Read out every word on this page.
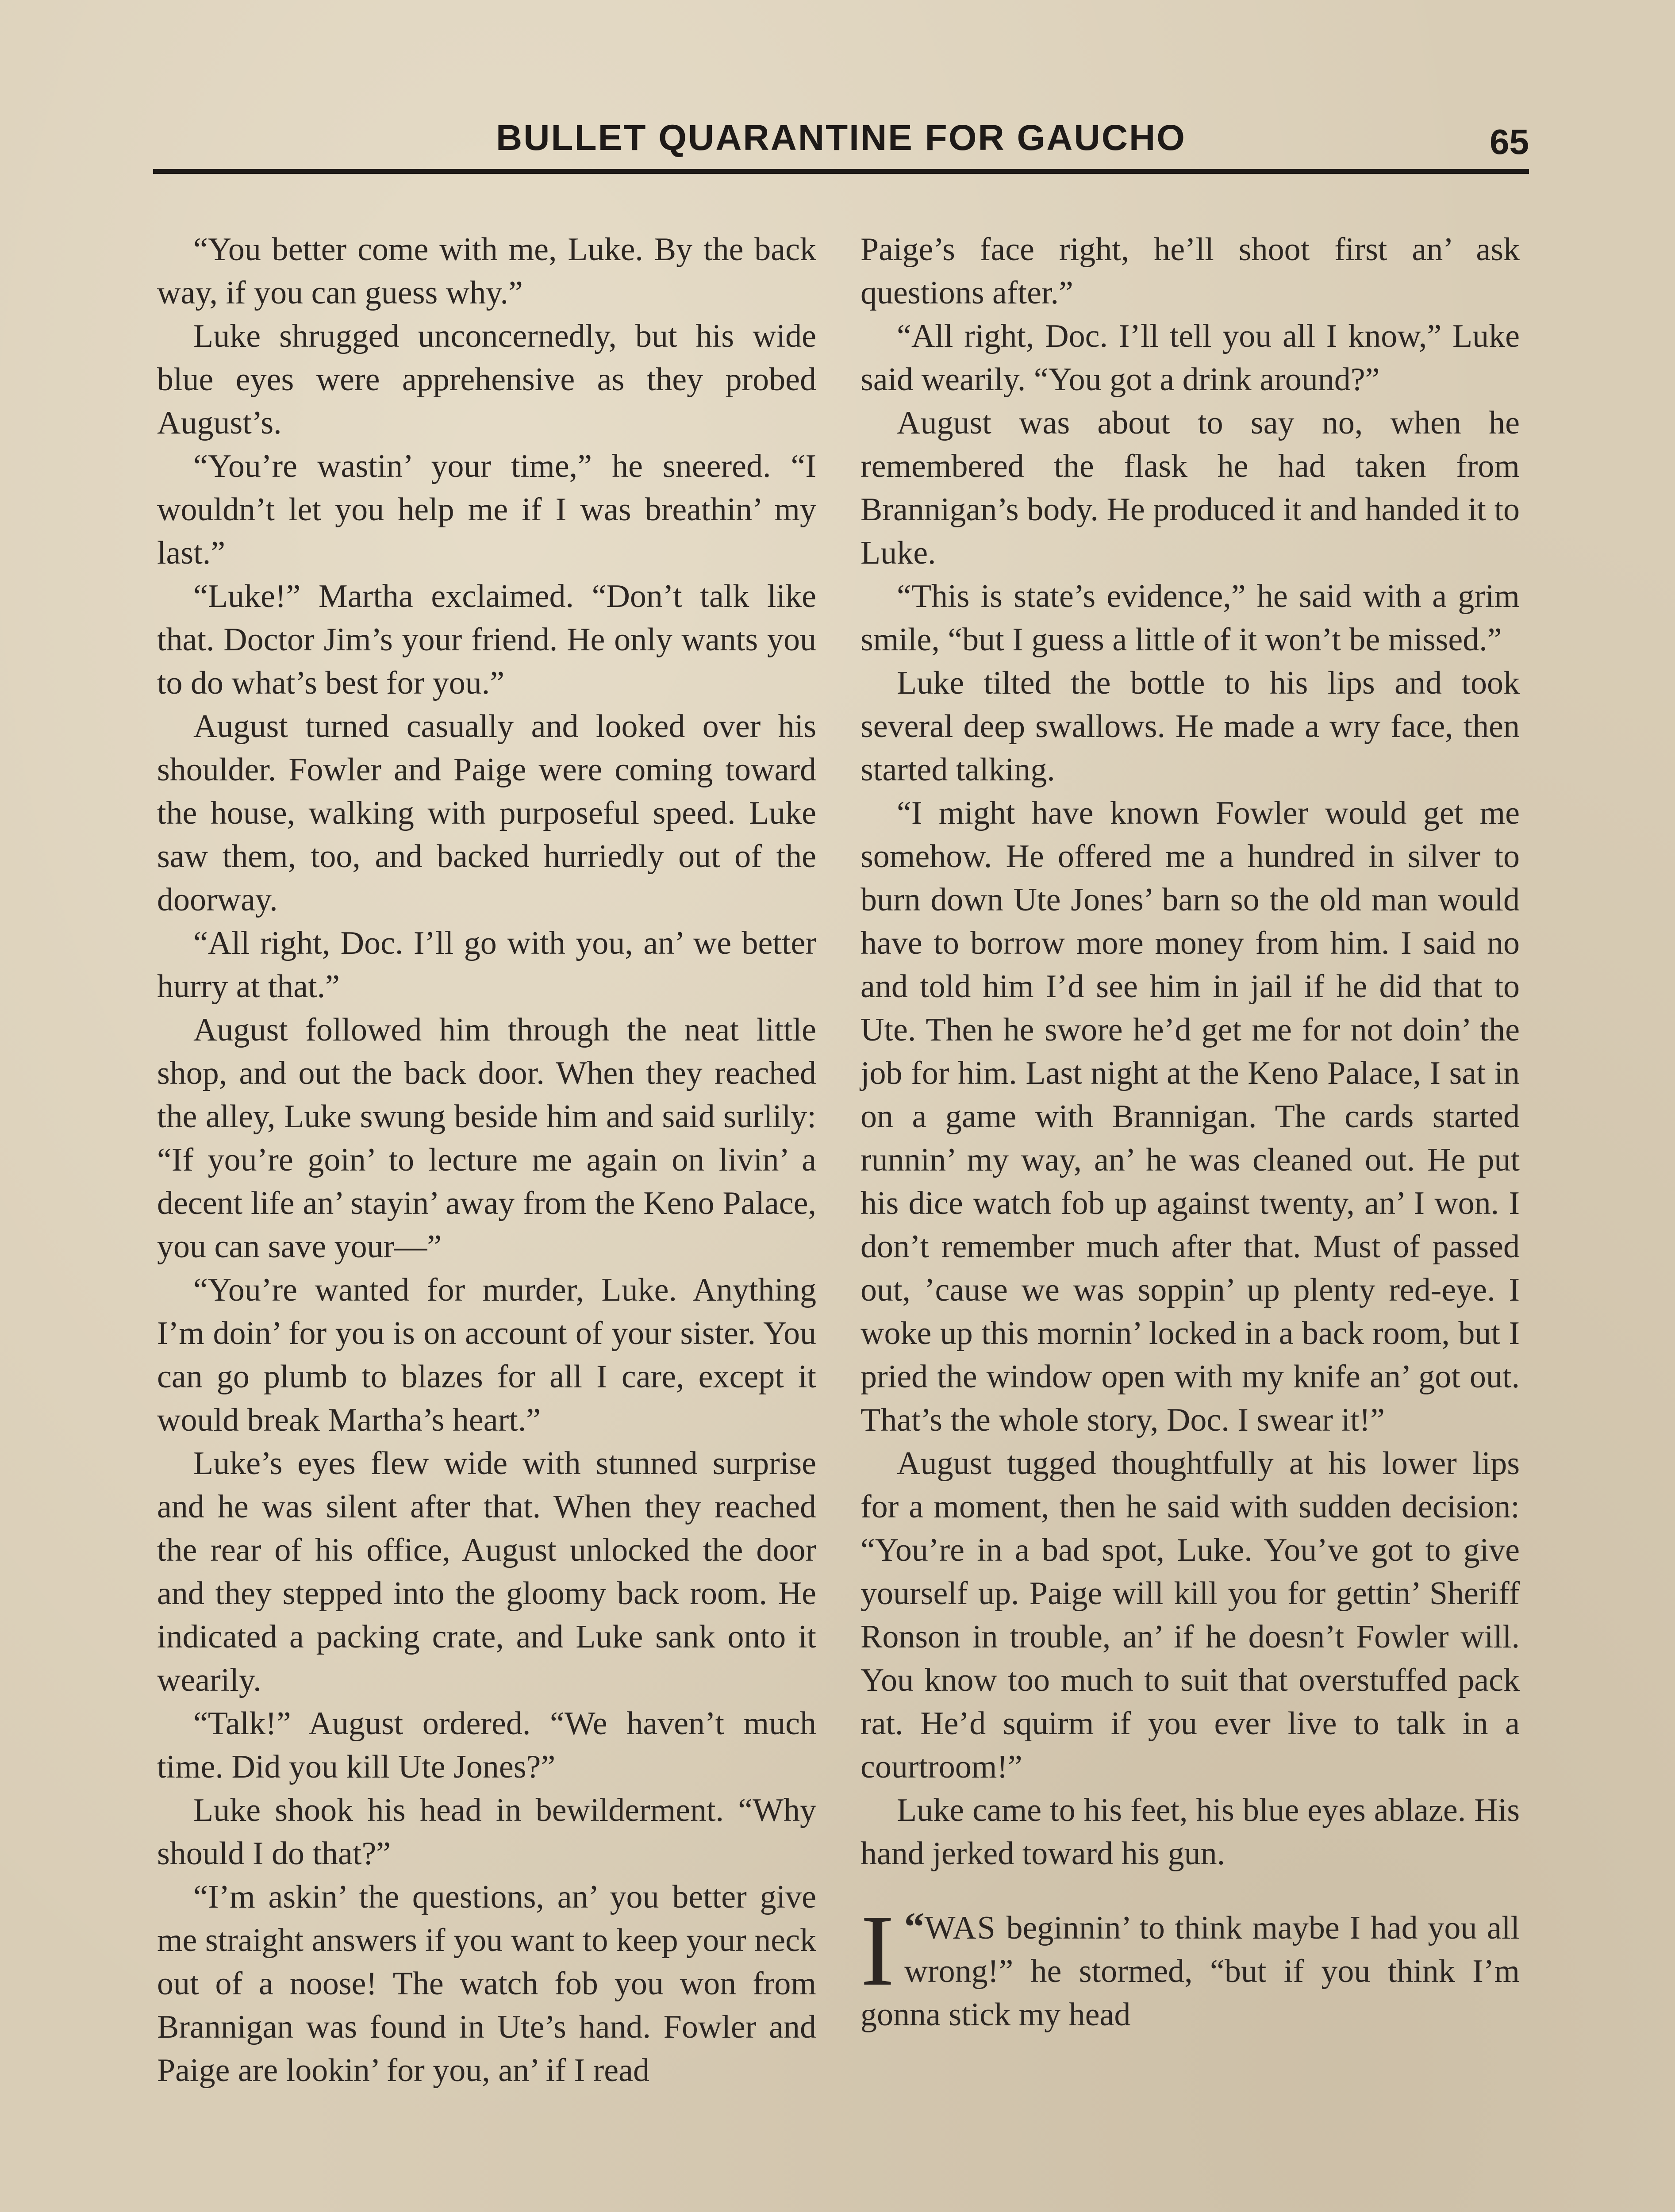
BULLET QUARANTINE FOR GAUCHO	65

“You better come with me, Luke. By the back way, if you can guess why.”

Luke shrugged unconcernedly, but his wide blue eyes were apprehensive as they probed August’s.

“You’re wastin’ your time,” he sneered. “I wouldn’t let you help me if I was breathin’ my last.”

“Luke!” Martha exclaimed. “Don’t talk like that. Doctor Jim’s your friend. He only wants you to do what’s best for you.”

August turned casually and looked over his shoulder. Fowler and Paige were coming toward the house, walking with purposeful speed. Luke saw them, too, and backed hurriedly out of the doorway.

“All right, Doc. I’ll go with you, an’ we better hurry at that.”

August followed him through the neat little shop, and out the back door. When they reached the alley, Luke swung beside him and said surlily: “If you’re goin’ to lecture me again on livin’ a decent life an’ stayin’ away from the Keno Palace, you can save your—”

“You’re wanted for murder, Luke. Anything I’m doin’ for you is on account of your sister. You can go plumb to blazes for all I care, except it would break Martha’s heart.”

Luke’s eyes flew wide with stunned surprise and he was silent after that. When they reached the rear of his office, August unlocked the door and they stepped into the gloomy back room. He indicated a packing crate, and Luke sank onto it wearily.

“Talk!” August ordered. “We haven’t much time. Did you kill Ute Jones?”

Luke shook his head in bewilderment. “Why should I do that?”

“I’m askin’ the questions, an’ you better give me straight answers if you want to keep your neck out of a noose! The watch fob you won from Brannigan was found in Ute’s hand. Fowler and Paige are lookin’ for you, an’ if I read

Paige’s face right, he’ll shoot first an’ ask questions after.”

“All right, Doc. I’ll tell you all I know,” Luke said wearily. “You got a drink around?”

August was about to say no, when he remembered the flask he had taken from Brannigan’s body. He produced it and handed it to Luke.

“This is state’s evidence,” he said with a grim smile, “but I guess a little of it won’t be missed.”

Luke tilted the bottle to his lips and took several deep swallows. He made a wry face, then started talking.

“I might have known Fowler would get me somehow. He offered me a hundred in silver to burn down Ute Jones’ barn so the old man would have to borrow more money from him. I said no and told him I’d see him in jail if he did that to Ute. Then he swore he’d get me for not doin’ the job for him. Last night at the Keno Palace, I sat in on a game with Brannigan. The cards started runnin’ my way, an’ he was cleaned out. He put his dice watch fob up against twenty, an’ I won. I don’t remember much after that. Must of passed out, ’cause we was soppin’ up plenty red-eye. I woke up this mornin’ locked in a back room, but I pried the window open with my knife an’ got out. That’s the whole story, Doc. I swear it!”

August tugged thoughtfully at his lower lips for a moment, then he said with sudden decision: “You’re in a bad spot, Luke. You’ve got to give yourself up. Paige will kill you for gettin’ Sheriff Ronson in trouble, an’ if he doesn’t Fowler will. You know too much to suit that overstuffed pack rat. He’d squirm if you ever live to talk in a courtroom!”

Luke came to his feet, his blue eyes ablaze. His hand jerked toward his gun.

“
I WAS beginnin’ to think maybe I had you all wrong!” he stormed, “but if you think I’m gonna stick my head
